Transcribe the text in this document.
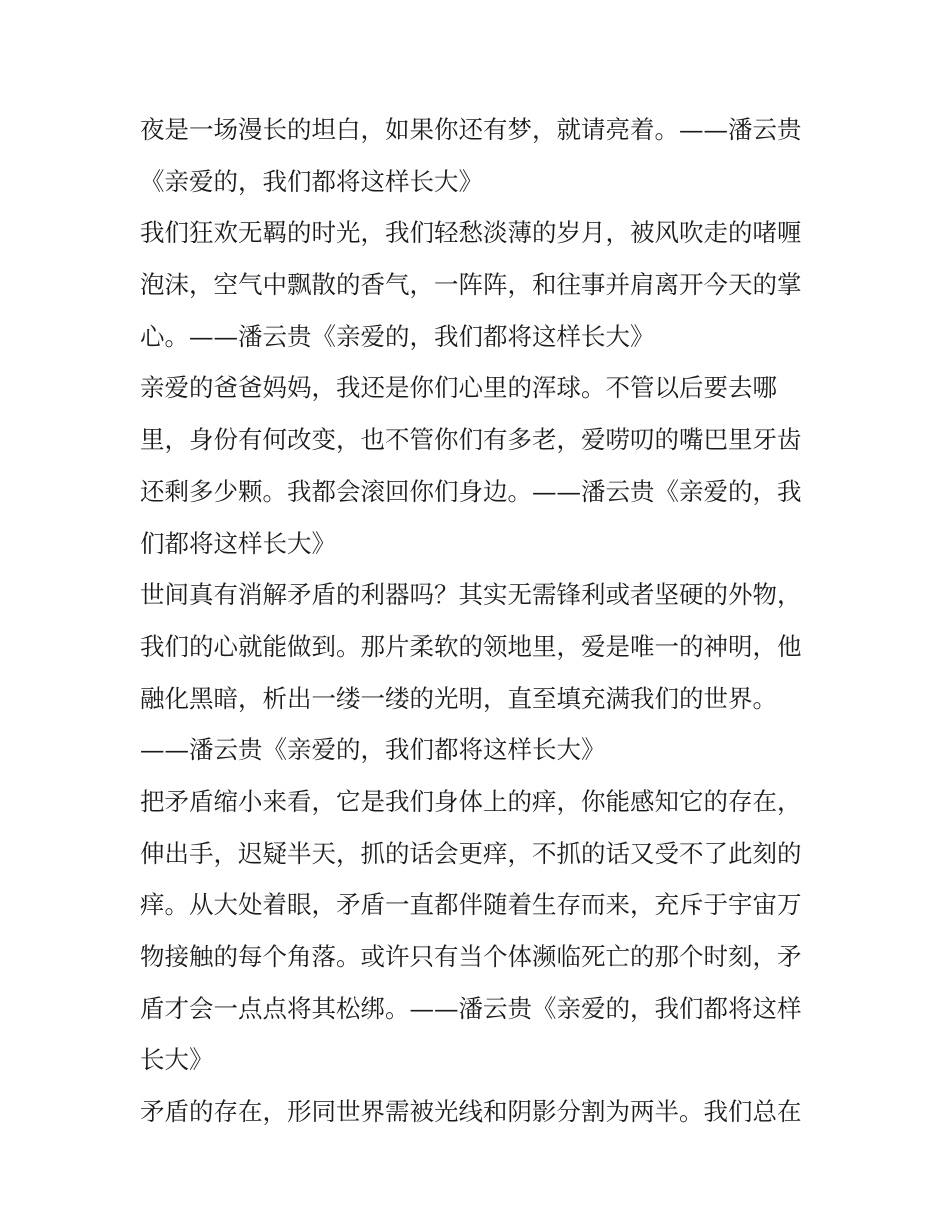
夜是一场漫长的坦白，如果你还有梦，就请亮着。——潘云贵
《亲爱的，我们都将这样长大》
我们狂欢无羁的时光，我们轻愁淡薄的岁月，被风吹走的啫喱
泡沫，空气中飘散的香气，一阵阵，和往事并肩离开今天的掌
心。——潘云贵《亲爱的，我们都将这样长大》
亲爱的爸爸妈妈，我还是你们心里的浑球。不管以后要去哪
里，身份有何改变，也不管你们有多老，爱唠叨的嘴巴里牙齿
还剩多少颗。我都会滚回你们身边。——潘云贵《亲爱的，我
们都将这样长大》
世间真有消解矛盾的利器吗？其实无需锋利或者坚硬的外物，
我们的心就能做到。那片柔软的领地里，爱是唯一的神明，他
融化黑暗，析出一缕一缕的光明，直至填充满我们的世界。
——潘云贵《亲爱的，我们都将这样长大》
把矛盾缩小来看，它是我们身体上的痒，你能感知它的存在，
伸出手，迟疑半天，抓的话会更痒，不抓的话又受不了此刻的
痒。从大处着眼，矛盾一直都伴随着生存而来，充斥于宇宙万
物接触的每个角落。或许只有当个体濒临死亡的那个时刻，矛
盾才会一点点将其松绑。——潘云贵《亲爱的，我们都将这样
长大》
矛盾的存在，形同世界需被光线和阴影分割为两半。我们总在
